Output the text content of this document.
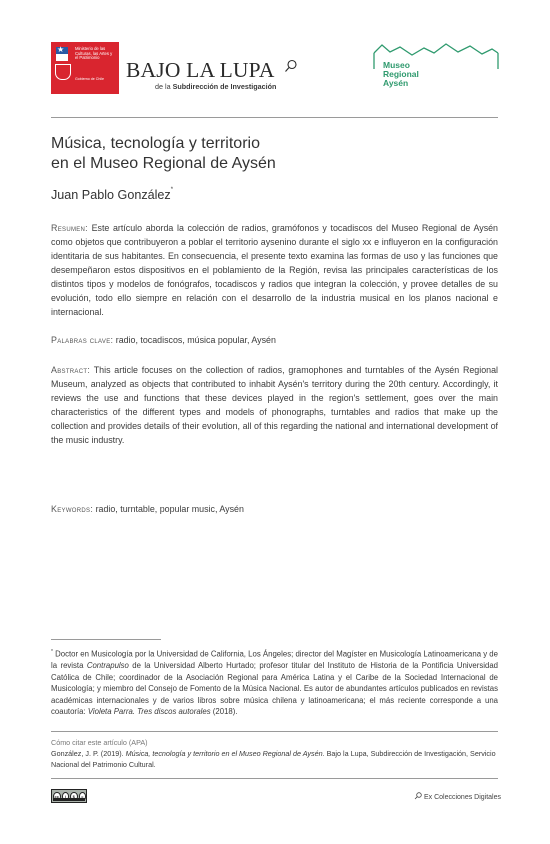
★	Ministerio de las Culturas, las Artes y el Patrimonio
Gobierno de Chile	BAJO LA LUPA
de la Subdirección de Investigación
Museo
Regional
Aysén
Música, tecnología y territorio
en el Museo Regional de Aysén
Juan Pablo González*
Resumen: Este artículo aborda la colección de radios, gramófonos y tocadiscos del Museo Regional de Aysén como objetos que contribuyeron a poblar el territorio aysenino durante el siglo xx e influyeron en la configuración identitaria de sus habitantes. En consecuencia, el presente texto examina las formas de uso y las funciones que desempeñaron estos dispositivos en el poblamiento de la Región, revisa las principales características de los distintos tipos y modelos de fonógrafos, tocadiscos y radios que integran la colección, y provee detalles de su evolución, todo ello siempre en relación con el desarrollo de la industria musical en los planos nacional e internacional.
Palabras clave: radio, tocadiscos, música popular, Aysén
Abstract: This article focuses on the collection of radios, gramophones and turntables of the Aysén Regional Museum, analyzed as objects that contributed to inhabit Aysén's territory during the 20th century. Accordingly, it reviews the use and functions that these devices played in the region's settlement, goes over the main characteristics of the different types and models of phonographs, turntables and radios that make up the collection and provides details of their evolution, all of this regarding the national and international development of the music industry.
Keywords: radio, turntable, popular music, Aysén
* Doctor en Musicología por la Universidad de California, Los Ángeles; director del Magíster en Musicología Latinoamericana y de la revista Contrapulso de la Universidad Alberto Hurtado; profesor titular del Instituto de Historia de la Pontificia Universidad Católica de Chile; coordinador de la Asociación Regional para América Latina y el Caribe de la Sociedad Internacional de Musicología; y miembro del Consejo de Fomento de la Música Nacional. Es autor de abundantes artículos publicados en revistas académicas internacionales y de varios libros sobre música chilena y latinoamericana; el más reciente corresponde a una coautoría: Violeta Parra. Tres discos autorales (2018).
Cómo citar este artículo (APA)
González, J. P. (2019). Música, tecnología y territorio en el Museo Regional de Aysén. Bajo la Lupa, Subdirección de Investigación, Servicio Nacional del Patrimonio Cultural.
cc	i	$	=	Ex Colecciones Digitales
